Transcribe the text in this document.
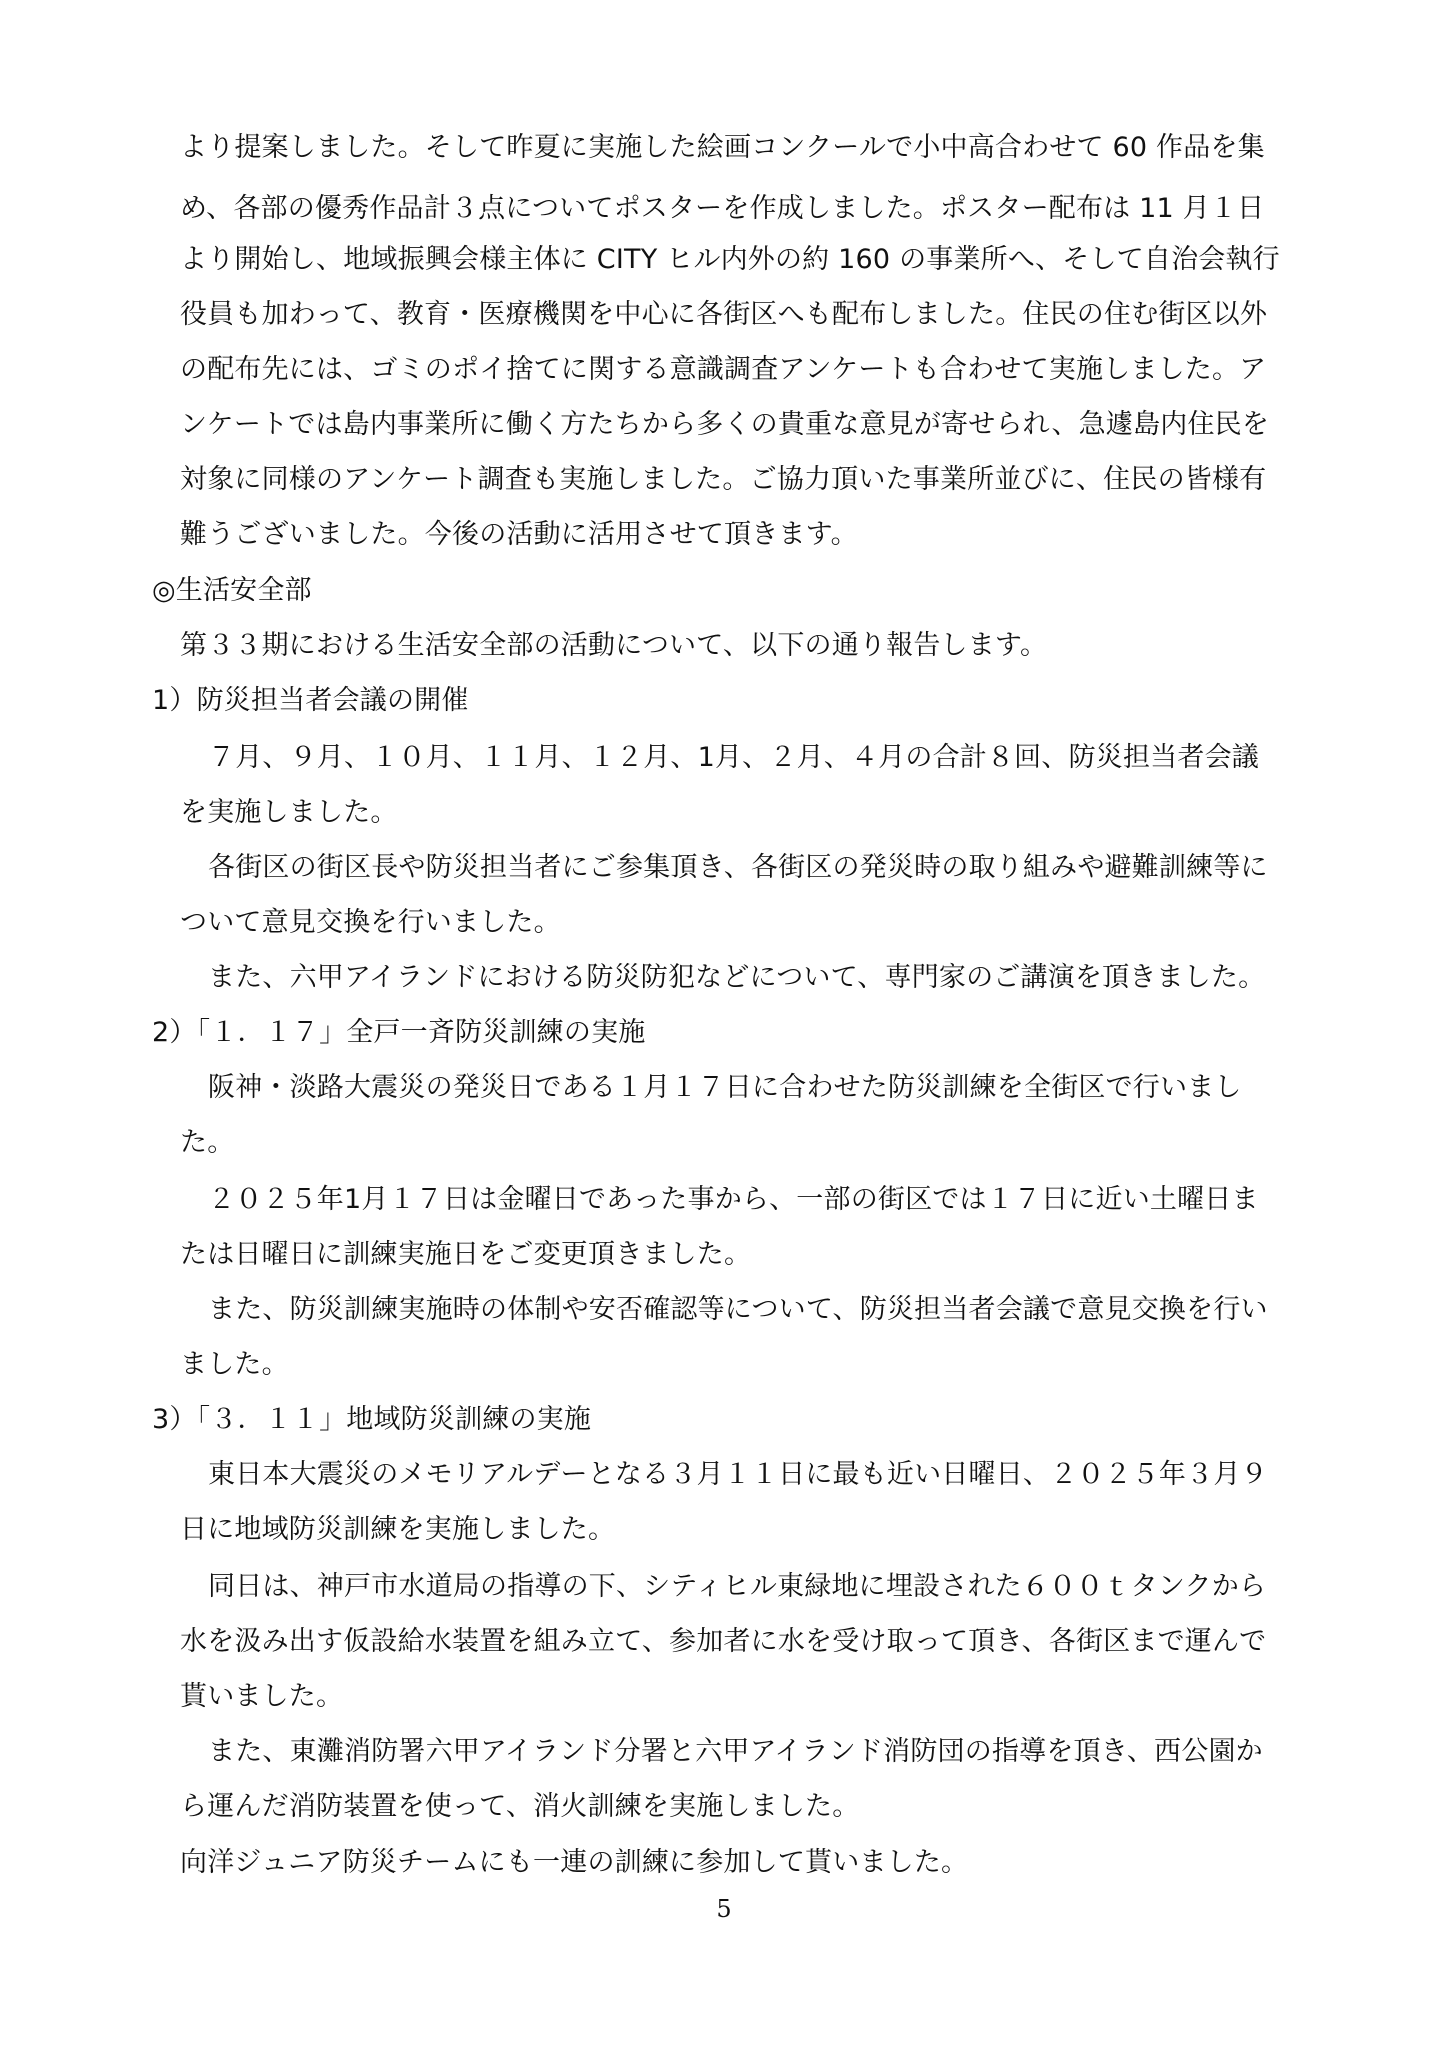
より提案しました。そして昨夏に実施した絵画コンクールで小中高合わせて 60 作品を集
め、各部の優秀作品計３点についてポスターを作成しました。ポスター配布は 11 月１日
より開始し、地域振興会様主体に CITY ヒル内外の約 160 の事業所へ、そして自治会執行
役員も加わって、教育・医療機関を中心に各街区へも配布しました。住民の住む街区以外
の配布先には、ゴミのポイ捨てに関する意識調査アンケートも合わせて実施しました。ア
ンケートでは島内事業所に働く方たちから多くの貴重な意見が寄せられ、急遽島内住民を
対象に同様のアンケート調査も実施しました。ご協力頂いた事業所並びに、住民の皆様有
難うございました。今後の活動に活用させて頂きます。
◎生活安全部
第３３期における生活安全部の活動について、以下の通り報告します。
1）防災担当者会議の開催
７月、９月、１０月、１１月、１２月、1月、２月、４月の合計８回、防災担当者会議
を実施しました。
各街区の街区長や防災担当者にご参集頂き、各街区の発災時の取り組みや避難訓練等に
ついて意見交換を行いました。
また、六甲アイランドにおける防災防犯などについて、専門家のご講演を頂きました。
2）「１．１７」全戸一斉防災訓練の実施
阪神・淡路大震災の発災日である１月１７日に合わせた防災訓練を全街区で行いまし
た。
２０２５年1月１７日は金曜日であった事から、一部の街区では１７日に近い土曜日ま
たは日曜日に訓練実施日をご変更頂きました。
また、防災訓練実施時の体制や安否確認等について、防災担当者会議で意見交換を行い
ました。
3）「３．１１」地域防災訓練の実施
東日本大震災のメモリアルデーとなる３月１１日に最も近い日曜日、２０２５年３月９
日に地域防災訓練を実施しました。
同日は、神戸市水道局の指導の下、シティヒル東緑地に埋設された６００ｔタンクから
水を汲み出す仮設給水装置を組み立て、参加者に水を受け取って頂き、各街区まで運んで
貰いました。
また、東灘消防署六甲アイランド分署と六甲アイランド消防団の指導を頂き、西公園か
ら運んだ消防装置を使って、消火訓練を実施しました。
向洋ジュニア防災チームにも一連の訓練に参加して貰いました。
5
